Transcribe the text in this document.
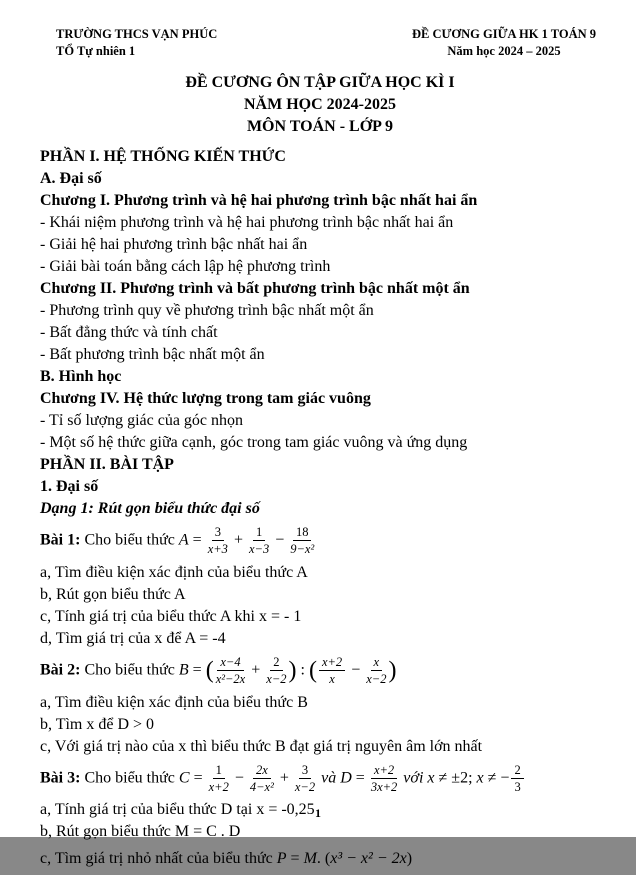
TRƯỜNG THCS VẠN PHÚC
TỔ Tự nhiên 1
ĐỀ CƯƠNG GIỮA HK 1 TOÁN 9
Năm học 2024 – 2025
ĐỀ CƯƠNG ÔN TẬP GIỮA HỌC KÌ I
NĂM HỌC 2024-2025
MÔN TOÁN - LỚP 9
PHẦN I. HỆ THỐNG KIẾN THỨC
A. Đại số
Chương I. Phương trình và hệ hai phương trình bậc nhất hai ẩn
- Khái niệm phương trình và hệ hai phương trình bậc nhất hai ẩn
- Giải hệ hai phương trình bậc nhất hai ẩn
- Giải bài toán bằng cách lập hệ phương trình
Chương II. Phương trình và bất phương trình bậc nhất một ẩn
- Phương trình quy về phương trình bậc nhất một ẩn
- Bất đẳng thức và tính chất
- Bất phương trình bậc nhất một ẩn
B. Hình học
Chương IV. Hệ thức lượng trong tam giác vuông
- Tỉ số lượng giác của góc nhọn
- Một số hệ thức giữa cạnh, góc trong tam giác vuông và ứng dụng
PHẦN II. BÀI TẬP
1. Đại số
Dạng 1: Rút gọn biểu thức đại số
Bài 1: Cho biểu thức $A = \frac{3}{x+3} + \frac{1}{x-3} - \frac{18}{\text{9−x²}}$
a, Tìm điều kiện xác định của biểu thức A
b, Rút gọn biểu thức A
c, Tính giá trị của biểu thức A khi x = - 1
d, Tìm giá trị của x để A = -4
Bài 2: Cho biểu thức B = ( $\frac{x-4}{\text{x²−2x}} + \frac{2}{x-2}$ ) : ( $\frac{x+2}{x} - \frac{x}{x-2}$ )
a, Tìm điều kiện xác định của biểu thức B
b, Tìm x để D > 0
c, Với giá trị nào của x thì biểu thức B đạt giá trị nguyên âm lớn nhất
Bài 3: Cho biểu thức $C = \frac{1}{x+2} - \frac{2x}{\text{4−x²}} + \frac{3}{x-2}$ và $D = \frac{x+2}{3x+2}$ với x ≠ ±2; x ≠ − $\frac{2}{3}$
a, Tính giá trị của biểu thức D tại x = -0,25
b, Rút gọn biểu thức M = C . D
c, Tìm giá trị nhỏ nhất của biểu thức P = M. (x³ − x² − 2x)
1
